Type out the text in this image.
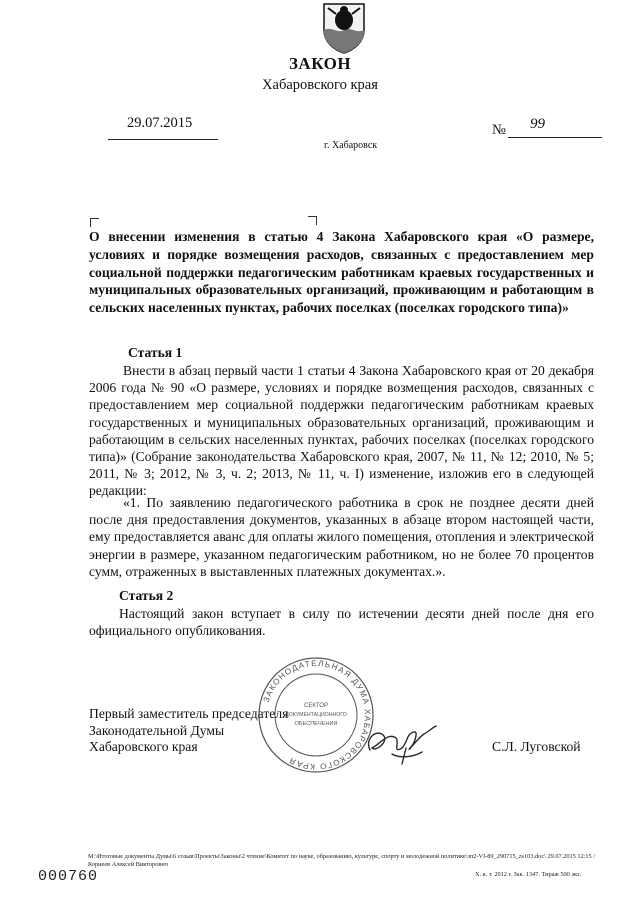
ЗАКОН
Хабаровского края
29.07.2015	№ 99
г. Хабаровск
О внесении изменения в статью 4 Закона Хабаровского края «О размере, условиях и порядке возмещения расходов, связанных с предоставлением мер социальной поддержки педагогическим работникам краевых государственных и муниципальных образовательных организаций, проживающим и работающим в сельских населенных пунктах, рабочих поселках (поселках городского типа)»
Статья 1
Внести в абзац первый части 1 статьи 4 Закона Хабаровского края от 20 декабря 2006 года № 90 «О размере, условиях и порядке возмещения расходов, связанных с предоставлением мер социальной поддержки педагогическим работникам краевых государственных и муниципальных образовательных организаций, проживающим и работающим в сельских населенных пунктах, рабочих поселках (поселках городского типа)» (Собрание законодательства Хабаровского края, 2007, № 11, № 12; 2010, № 5; 2011, № 3; 2012, № 3, ч. 2; 2013, № 11, ч. I) изменение, изложив его в следующей редакции:
«1. По заявлению педагогического работника в срок не позднее десяти дней после дня предоставления документов, указанных в абзаце втором настоящей части, ему предоставляется аванс для оплаты жилого помещения, отопления и электрической энергии в размере, указанном педагогическим работником, но не более 70 процентов сумм, отраженных в выставленных платежных документах.».
Статья 2
Настоящий закон вступает в силу по истечении десяти дней после дня его официального опубликования.
ЗАКОНОДАТЕЛЬНАЯ ДУМА ХАБАРОВСКОГО КРАЯ
СЕКТОР
ДОКУМЕНТАЦИОННОГО
ОБЕСПЕЧЕНИЯ
Первый заместитель председателя
Законодательной Думы
Хабаровского края	С.Л. Луговской
М:\Итоговые документы Думы\6 созыв\Проекты\Законы\2 чтение\Комитет по науке, образованию, культуре, спорту и молодежной политике\зп2-VI-89_290715_zs103.doc\ 29.07.2015 12:15 / Корнеев Алексей Викторович
000760	Х. к. т. 2012 г. Зак. 1347. Тираж 500 экз.
